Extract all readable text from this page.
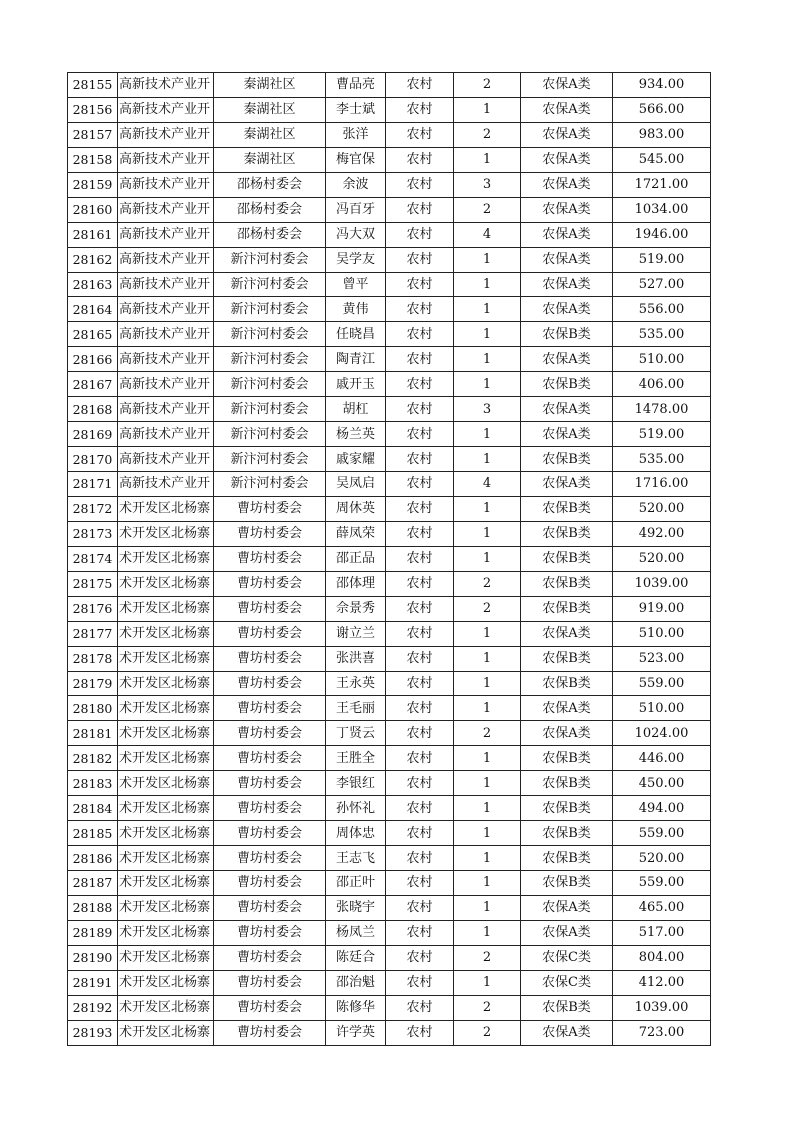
28155	高新技术产业开	秦湖社区	曹品亮	农村	2	农保A类	934.00
28156	高新技术产业开	秦湖社区	李士斌	农村	1	农保A类	566.00
28157	高新技术产业开	秦湖社区	张洋	农村	2	农保A类	983.00
28158	高新技术产业开	秦湖社区	梅官保	农村	1	农保A类	545.00
28159	高新技术产业开	邵杨村委会	余波	农村	3	农保A类	1721.00
28160	高新技术产业开	邵杨村委会	冯百牙	农村	2	农保A类	1034.00
28161	高新技术产业开	邵杨村委会	冯大双	农村	4	农保A类	1946.00
28162	高新技术产业开	新汴河村委会	吴学友	农村	1	农保A类	519.00
28163	高新技术产业开	新汴河村委会	曾平	农村	1	农保A类	527.00
28164	高新技术产业开	新汴河村委会	黄伟	农村	1	农保A类	556.00
28165	高新技术产业开	新汴河村委会	任晓昌	农村	1	农保B类	535.00
28166	高新技术产业开	新汴河村委会	陶青江	农村	1	农保A类	510.00
28167	高新技术产业开	新汴河村委会	戚开玉	农村	1	农保B类	406.00
28168	高新技术产业开	新汴河村委会	胡杠	农村	3	农保A类	1478.00
28169	高新技术产业开	新汴河村委会	杨兰英	农村	1	农保A类	519.00
28170	高新技术产业开	新汴河村委会	戚家耀	农村	1	农保B类	535.00
28171	高新技术产业开	新汴河村委会	吴凤启	农村	4	农保A类	1716.00
28172	术开发区北杨寨	曹坊村委会	周休英	农村	1	农保B类	520.00
28173	术开发区北杨寨	曹坊村委会	薛凤荣	农村	1	农保B类	492.00
28174	术开发区北杨寨	曹坊村委会	邵正品	农村	1	农保B类	520.00
28175	术开发区北杨寨	曹坊村委会	邵体理	农村	2	农保B类	1039.00
28176	术开发区北杨寨	曹坊村委会	佘景秀	农村	2	农保B类	919.00
28177	术开发区北杨寨	曹坊村委会	谢立兰	农村	1	农保A类	510.00
28178	术开发区北杨寨	曹坊村委会	张洪喜	农村	1	农保B类	523.00
28179	术开发区北杨寨	曹坊村委会	王永英	农村	1	农保B类	559.00
28180	术开发区北杨寨	曹坊村委会	王毛丽	农村	1	农保A类	510.00
28181	术开发区北杨寨	曹坊村委会	丁贤云	农村	2	农保A类	1024.00
28182	术开发区北杨寨	曹坊村委会	王胜全	农村	1	农保B类	446.00
28183	术开发区北杨寨	曹坊村委会	李银红	农村	1	农保B类	450.00
28184	术开发区北杨寨	曹坊村委会	孙怀礼	农村	1	农保B类	494.00
28185	术开发区北杨寨	曹坊村委会	周体忠	农村	1	农保B类	559.00
28186	术开发区北杨寨	曹坊村委会	王志飞	农村	1	农保B类	520.00
28187	术开发区北杨寨	曹坊村委会	邵正叶	农村	1	农保B类	559.00
28188	术开发区北杨寨	曹坊村委会	张晓宇	农村	1	农保A类	465.00
28189	术开发区北杨寨	曹坊村委会	杨凤兰	农村	1	农保A类	517.00
28190	术开发区北杨寨	曹坊村委会	陈廷合	农村	2	农保C类	804.00
28191	术开发区北杨寨	曹坊村委会	邵治魁	农村	1	农保C类	412.00
28192	术开发区北杨寨	曹坊村委会	陈修华	农村	2	农保B类	1039.00
28193	术开发区北杨寨	曹坊村委会	许学英	农村	2	农保A类	723.00
